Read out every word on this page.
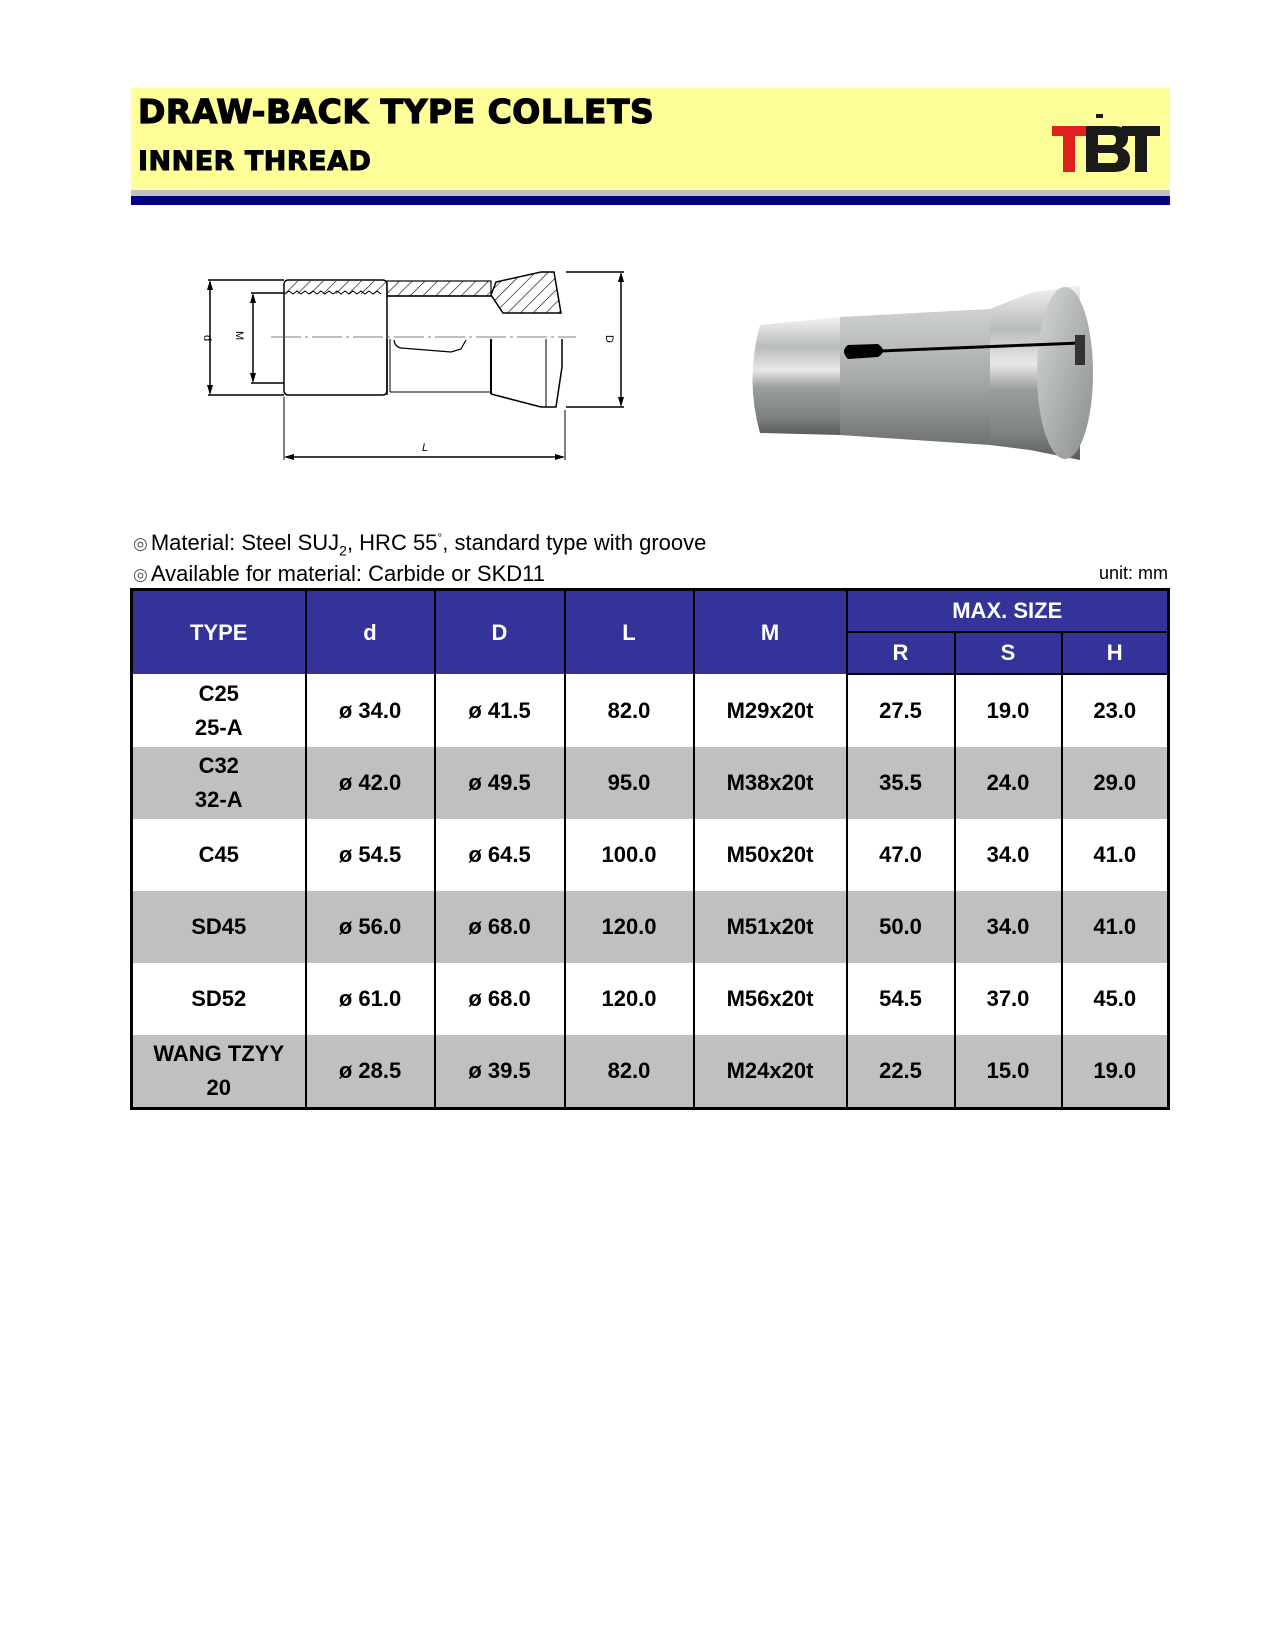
DRAW-BACK TYPE COLLETS
INNER THREAD
TBT
d M	D
L
◎ Material: Steel $SUJ_2$, HRC 55°, standard type with groove
◎ Available for material: Carbide or SKD11	unit: mm
TYPE	d	D	L	M	MAX. SIZE		
					R	S	H

C25
25-A	ø 34.0	ø 41.5	82.0	M29x20t	27.5	19.0	23.0

C32
32-A	ø 42.0	ø 49.5	95.0	M38x20t	35.5	24.0	29.0

C45	ø 54.5	ø 64.5	100.0	M50x20t	47.0	34.0	41.0

SD45	ø 56.0	ø 68.0	120.0	M51x20t	50.0	34.0	41.0

SD52	ø 61.0	ø 68.0	120.0	M56x20t	54.5	37.0	45.0

WANG TZYY
20	ø 28.5	ø 39.5	82.0	M24x20t	22.5	15.0	19.0
